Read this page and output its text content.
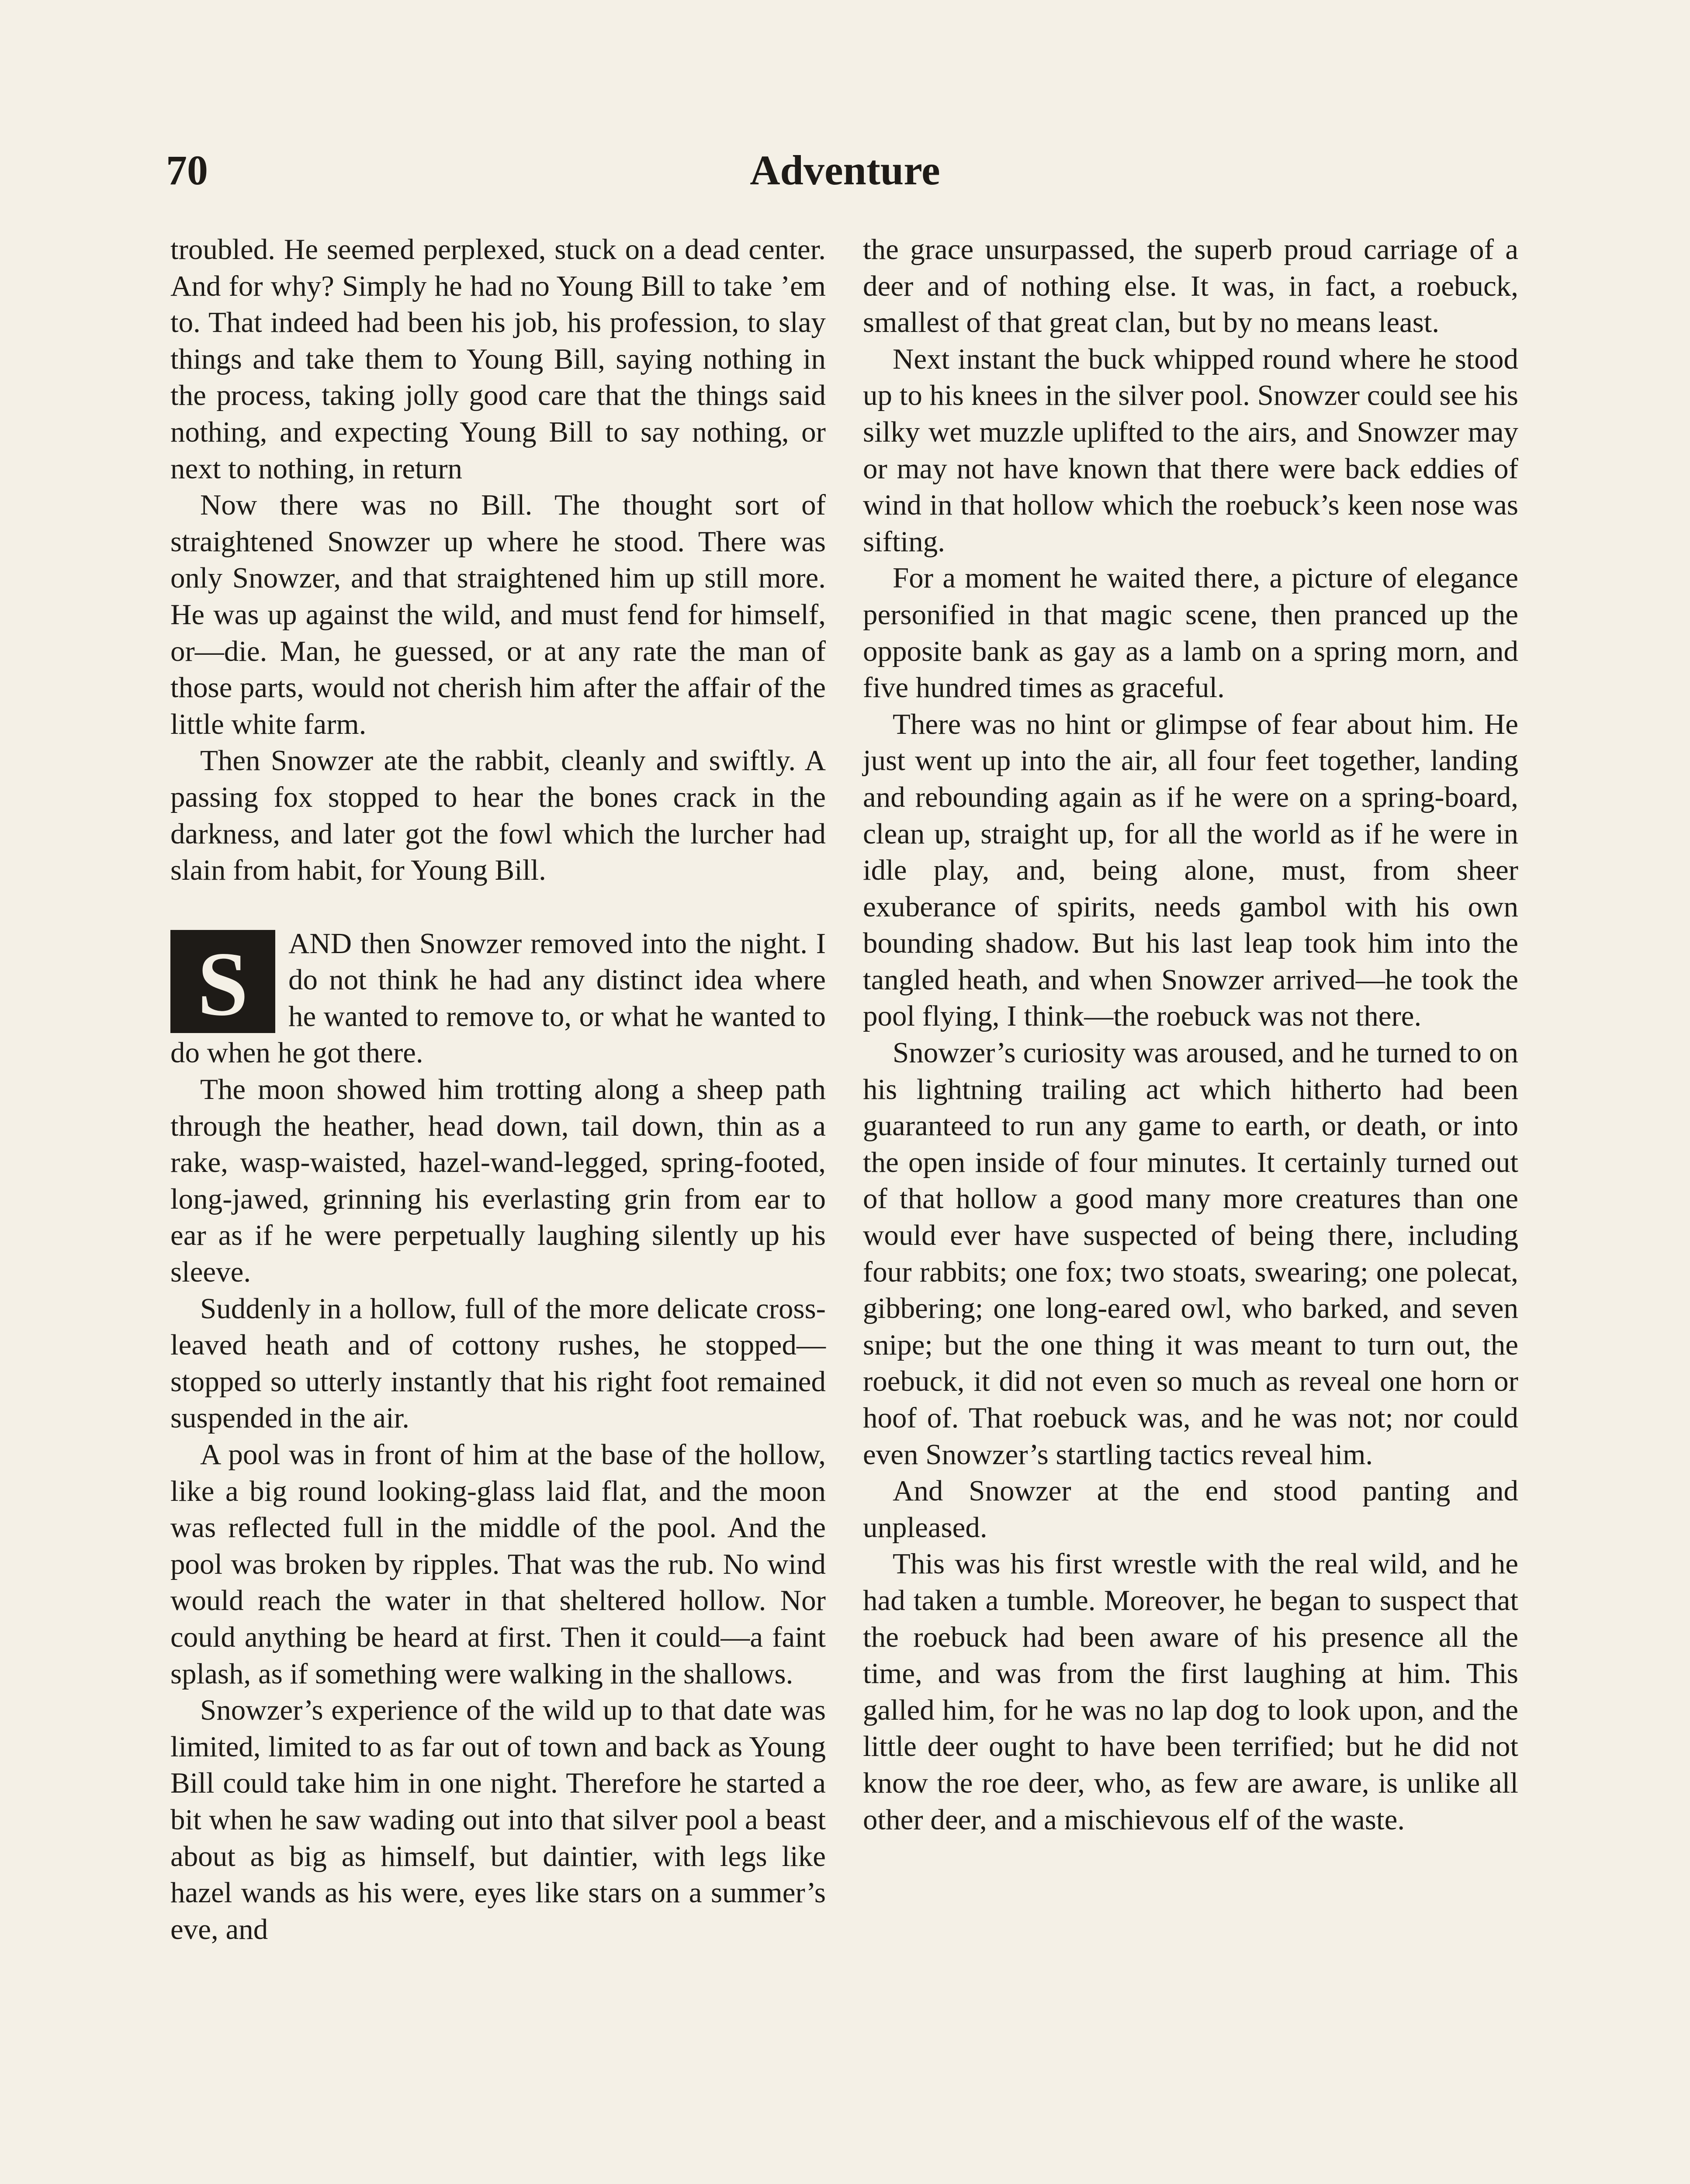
70	Adventure

troubled. He seemed perplexed, stuck on a dead center. And for why? Simply he had no Young Bill to take ’em to. That indeed had been his job, his profession, to slay things and take them to Young Bill, saying nothing in the process, taking jolly good care that the things said nothing, and expecting Young Bill to say nothing, or next to nothing, in return

Now there was no Bill. The thought sort of straightened Snowzer up where he stood. There was only Snowzer, and that straightened him up still more. He was up against the wild, and must fend for himself, or—die. Man, he guessed, or at any rate the man of those parts, would not cherish him after the affair of the little white farm.

Then Snowzer ate the rabbit, cleanly and swiftly. A passing fox stopped to hear the bones crack in the darkness, and later got the fowl which the lurcher had slain from habit, for Young Bill.

S	AND then Snowzer removed into the night. I do not think he had any distinct idea where he wanted to remove to, or what he wanted to do when he got there.

The moon showed him trotting along a sheep path through the heather, head down, tail down, thin as a rake, wasp-waisted, hazel-wand-legged, spring-footed, long-jawed, grinning his everlasting grin from ear to ear as if he were perpetually laughing silently up his sleeve.

Suddenly in a hollow, full of the more delicate cross-leaved heath and of cottony rushes, he stopped—stopped so utterly instantly that his right foot remained suspended in the air.

A pool was in front of him at the base of the hollow, like a big round looking-glass laid flat, and the moon was reflected full in the middle of the pool. And the pool was broken by ripples. That was the rub. No wind would reach the water in that sheltered hollow. Nor could anything be heard at first. Then it could—a faint splash, as if something were walking in the shallows.

Snowzer’s experience of the wild up to that date was limited, limited to as far out of town and back as Young Bill could take him in one night. Therefore he started a bit when he saw wading out into that silver pool a beast about as big as himself, but daintier, with legs like hazel wands as his were, eyes like stars on a summer’s eve, and

the grace unsurpassed, the superb proud carriage of a deer and of nothing else. It was, in fact, a roebuck, smallest of that great clan, but by no means least.

Next instant the buck whipped round where he stood up to his knees in the silver pool. Snowzer could see his silky wet muzzle uplifted to the airs, and Snowzer may or may not have known that there were back eddies of wind in that hollow which the roebuck’s keen nose was sifting.

For a moment he waited there, a picture of elegance personified in that magic scene, then pranced up the opposite bank as gay as a lamb on a spring morn, and five hundred times as graceful.

There was no hint or glimpse of fear about him. He just went up into the air, all four feet together, landing and rebounding again as if he were on a spring-board, clean up, straight up, for all the world as if he were in idle play, and, being alone, must, from sheer exuberance of spirits, needs gambol with his own bounding shadow. But his last leap took him into the tangled heath, and when Snowzer arrived—he took the pool flying, I think—the roebuck was not there.

Snowzer’s curiosity was aroused, and he turned to on his lightning trailing act which hitherto had been guaranteed to run any game to earth, or death, or into the open inside of four minutes. It certainly turned out of that hollow a good many more creatures than one would ever have suspected of being there, including four rabbits; one fox; two stoats, swearing; one polecat, gibbering; one long-eared owl, who barked, and seven snipe; but the one thing it was meant to turn out, the roebuck, it did not even so much as reveal one horn or hoof of. That roebuck was, and he was not; nor could even Snowzer’s startling tactics reveal him.

And Snowzer at the end stood panting and unpleased.

This was his first wrestle with the real wild, and he had taken a tumble. Moreover, he began to suspect that the roebuck had been aware of his presence all the time, and was from the first laughing at him. This galled him, for he was no lap dog to look upon, and the little deer ought to have been terrified; but he did not know the roe deer, who, as few are aware, is unlike all other deer, and a mischievous elf of the waste.
